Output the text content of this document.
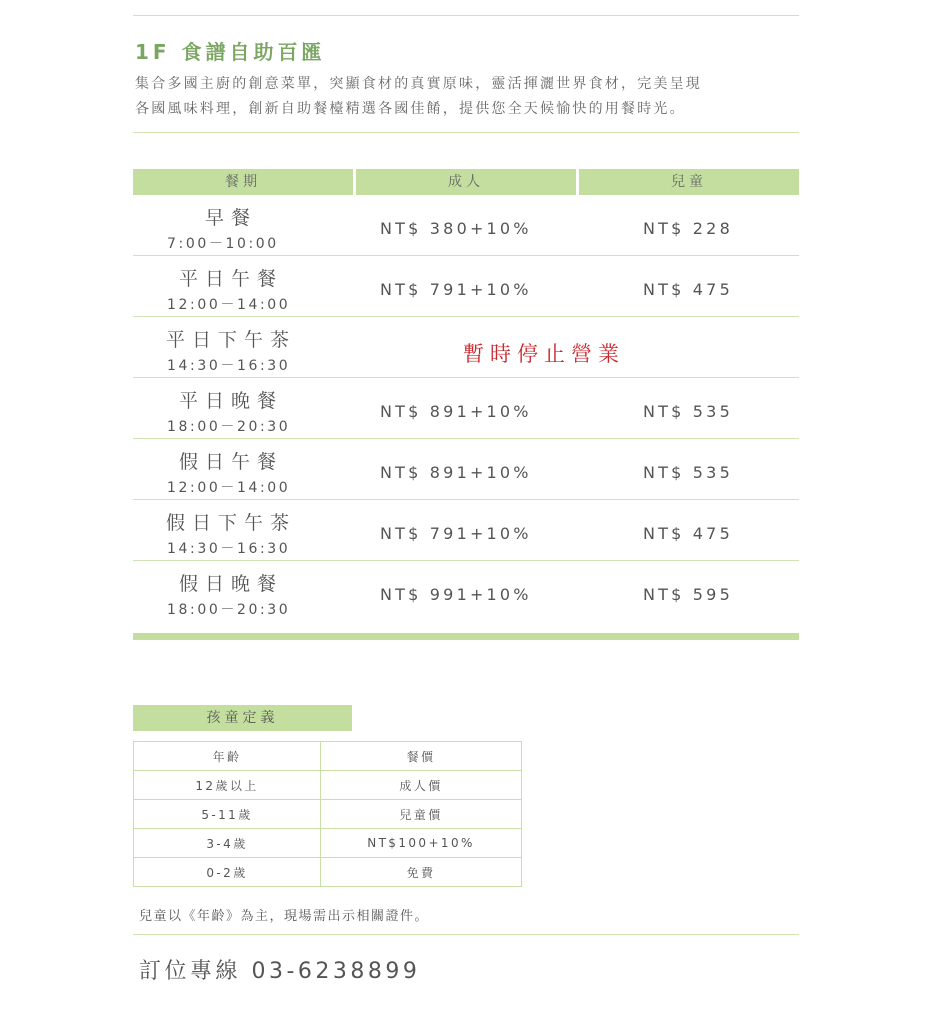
1F 食譜自助百匯
集合多國主廚的創意菜單，突顯食材的真實原味，靈活揮灑世界食材，完美呈現
各國風味料理，創新自助餐檯精選各國佳餚，提供您全天候愉快的用餐時光。
餐期	成人	兒童
早餐
7:00－10:00
NT$ 380+10%	NT$ 228
平日午餐
12:00－14:00
NT$ 791+10%	NT$ 475
平日下午茶
14:30－16:30	暫時停止營業
平日晚餐
18:00－20:30
NT$ 891+10%	NT$ 535
假日午餐
12:00－14:00
NT$ 891+10%	NT$ 535
假日下午茶
14:30－16:30
NT$ 791+10%	NT$ 475
假日晚餐
18:00－20:30
NT$ 991+10%	NT$ 595
孩童定義
年齡	餐價
12歲以上	成人價
5-11歲	兒童價
3-4歲	NT$100+10%
0-2歲	免費
兒童以《年齡》為主，現場需出示相關證件。
訂位專線 03-6238899
